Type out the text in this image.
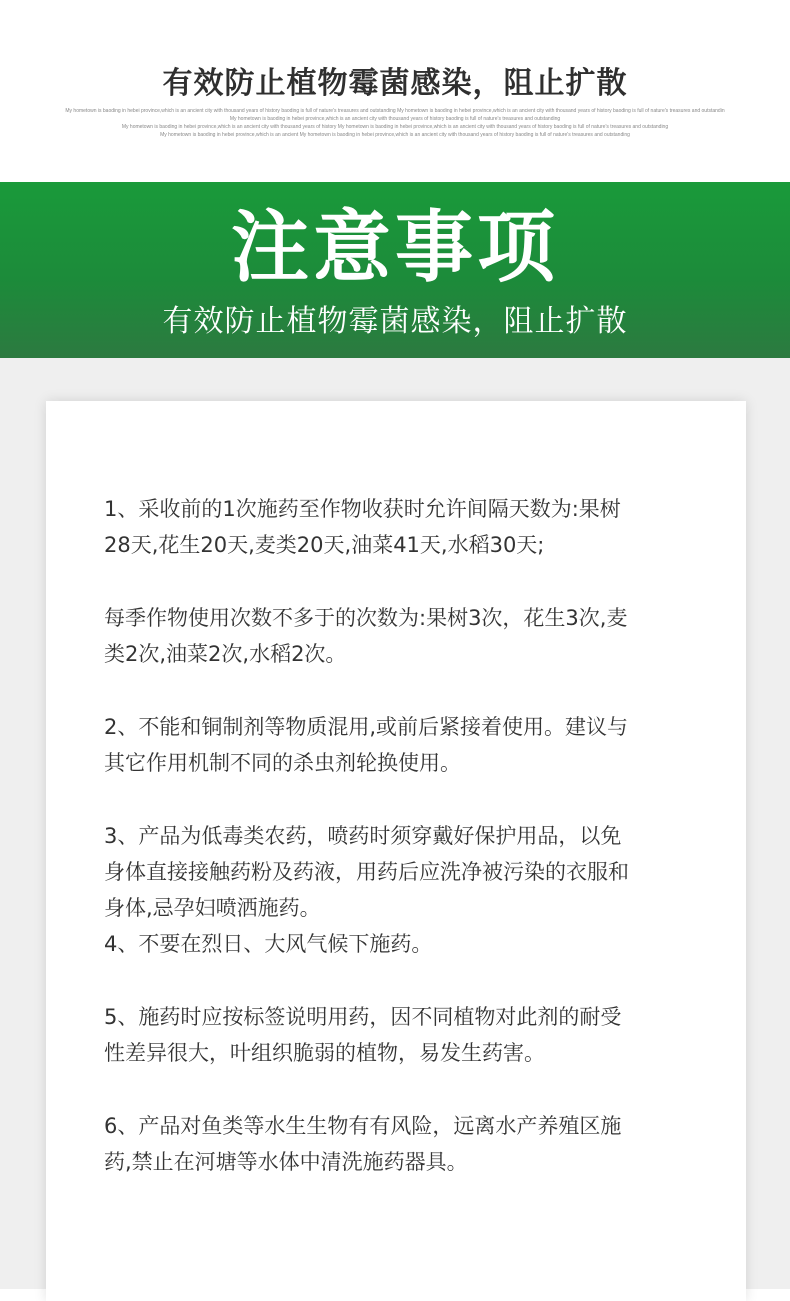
有效防止植物霉菌感染，阻止扩散
My hometown is baoding in hebei province,which is an ancient city with thousand years of history baoding is full of nature's treasures and outstanding My hometown is baoding in hebei province,which is an ancient city with thousand years of history baoding is full of nature's treasures and outstandin
My hometown is baoding in hebei province,which is an ancient city with thousand years of history baoding is full of nature's treasures and outstanding
My hometown is baoding in hebei province,which is an ancient city with thousand years of history My hometown is baoding in hebei province,which is an ancient city with thousand years of history baoding is full of nature's treasures and outstanding
My hometown is baoding in hebei province,which is an ancient My hometown is baoding in hebei province,which is an ancient city with thousand years of history baoding is full of nature's treasures and outstanding
注意事项
有效防止植物霉菌感染，阻止扩散

1、采收前的1次施药至作物收获时允许间隔天数为:果树
28天,花生20天,麦类20天,油菜41天,水稻30天;

每季作物使用次数不多于的次数为:果树3次，花生3次,麦
类2次,油菜2次,水稻2次。

2、不能和铜制剂等物质混用,或前后紧接着使用。建议与
其它作用机制不同的杀虫剂轮换使用。

3、产品为低毒类农药，喷药时须穿戴好保护用品，以免
身体直接接触药粉及药液，用药后应洗净被污染的衣服和
身体,忌孕妇喷洒施药。

4、不要在烈日、大风气候下施药。

5、施药时应按标签说明用药，因不同植物对此剂的耐受
性差异很大，叶组织脆弱的植物，易发生药害。

6、产品对鱼类等水生生物有有风险，远离水产养殖区施
药,禁止在河塘等水体中清洗施药器具。
